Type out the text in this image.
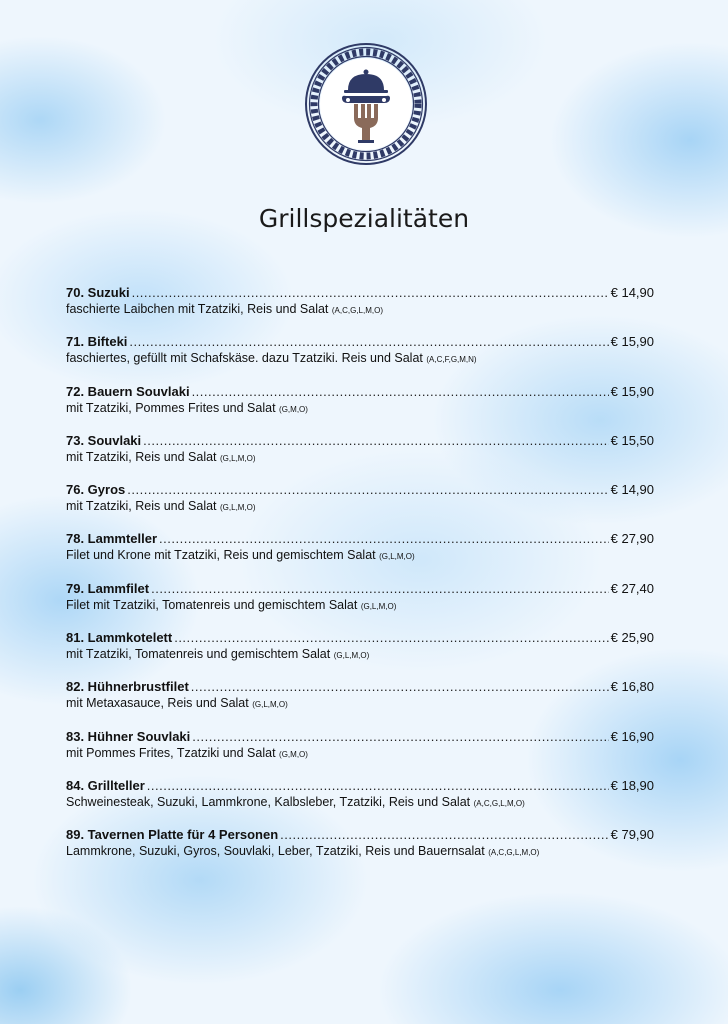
Grillspezialitäten
70. Suzuki .....	€ 14,90
faschierte Laibchen mit Tzatziki, Reis und Salat (A,C,G,L,M,O)
71. Bifteki .....	€ 15,90
faschiertes, gefüllt mit Schafskäse. dazu Tzatziki. Reis und Salat (A,C,F,G,M,N)
72. Bauern Souvlaki .....	€ 15,90
mit Tzatziki, Pommes Frites und Salat (G,M,O)
73. Souvlaki .....	€ 15,50
mit Tzatziki, Reis und Salat (G,L,M,O)
76. Gyros .....	€ 14,90
mit Tzatziki, Reis und Salat (G,L,M,O)
78. Lammteller .....	€ 27,90
Filet und Krone mit Tzatziki, Reis und gemischtem Salat (G,L,M,O)
79. Lammfilet .....	€ 27,40
Filet mit Tzatziki, Tomatenreis und gemischtem Salat (G,L,M,O)
81. Lammkotelett .....	€ 25,90
mit Tzatziki, Tomatenreis und gemischtem Salat (G,L,M,O)
82. Hühnerbrustfilet .....	€ 16,80
mit Metaxasauce, Reis und Salat (G,L,M,O)
83. Hühner Souvlaki .....	€ 16,90
mit Pommes Frites, Tzatziki und Salat (G,M,O)
84. Grillteller .....	€ 18,90
Schweinesteak, Suzuki, Lammkrone, Kalbsleber, Tzatziki, Reis und Salat (A,C,G,L,M,O)
89. Tavernen Platte für 4 Personen .....	€ 79,90
Lammkrone, Suzuki, Gyros, Souvlaki, Leber, Tzatziki, Reis und Bauernsalat (A,C,G,L,M,O)
